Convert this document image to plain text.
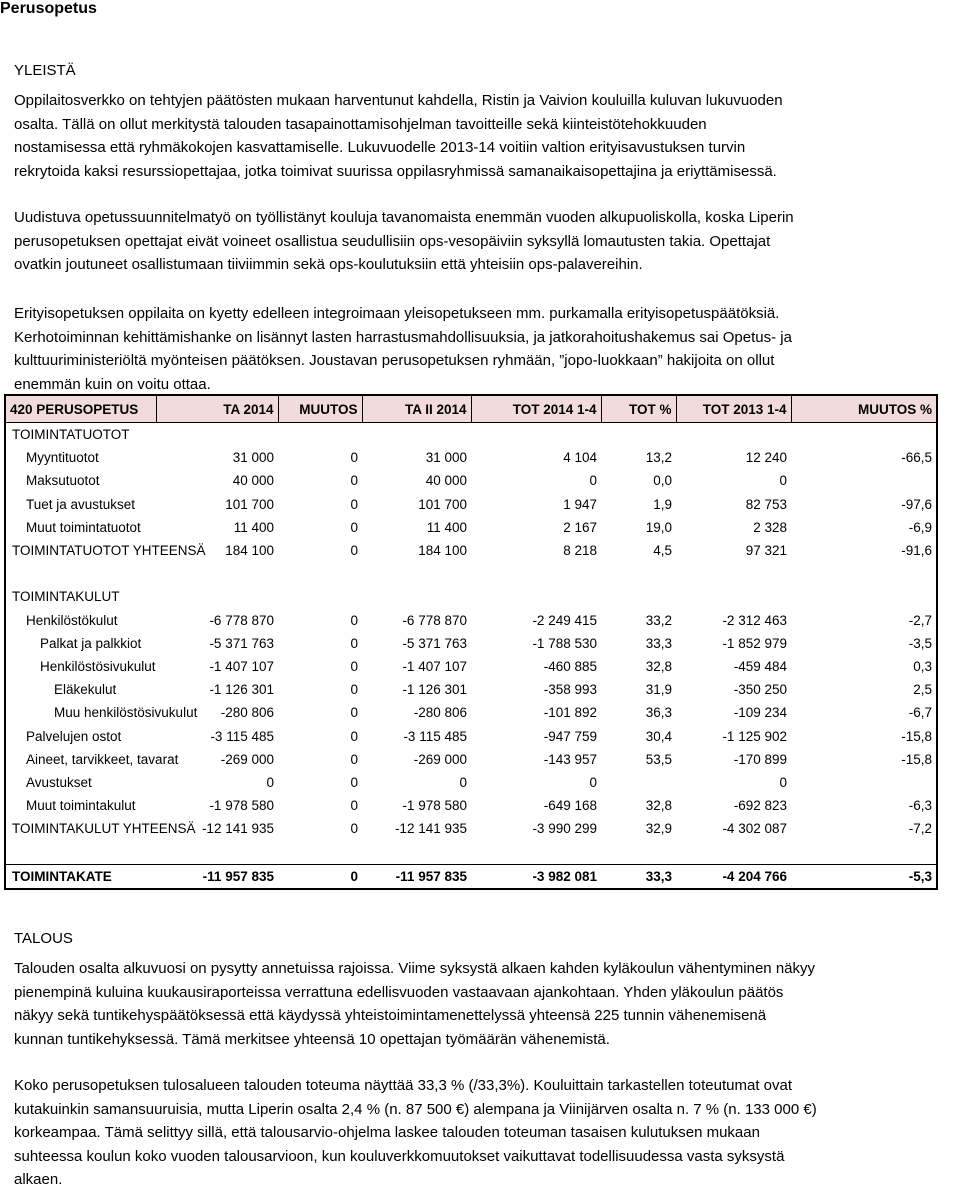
Perusopetus
YLEISTÄ
Oppilaitosverkko on tehtyjen päätösten mukaan harventunut kahdella, Ristin ja Vaivion kouluilla kuluvan lukuvuoden
osalta. Tällä on ollut merkitystä talouden tasapainottamisohjelman tavoitteille sekä kiinteistötehokkuuden
nostamisessa että ryhmäkokojen kasvattamiselle. Lukuvuodelle 2013-14 voitiin valtion erityisavustuksen turvin
rekrytoida kaksi resurssiopettajaa, jotka toimivat suurissa oppilasryhmissä samanaikaisopettajina ja eriyttämisessä.
Uudistuva opetussuunnitelmatyö on työllistänyt kouluja tavanomaista enemmän vuoden alkupuoliskolla, koska Liperin
perusopetuksen opettajat eivät voineet osallistua seudullisiin ops-vesopäiviin syksyllä lomautusten takia. Opettajat
ovatkin joutuneet osallistumaan tiiviimmin sekä ops-koulutuksiin että yhteisiin ops-palavereihin.
Erityisopetuksen oppilaita on kyetty edelleen integroimaan yleisopetukseen mm. purkamalla erityisopetuspäätöksiä.
Kerhotoiminnan kehittämishanke on lisännyt lasten harrastusmahdollisuuksia, ja jatkorahoitushakemus sai Opetus- ja
kulttuuriministeriöltä myönteisen päätöksen. Joustavan perusopetuksen ryhmään, ”jopo-luokkaan” hakijoita on ollut
enemmän kuin on voitu ottaa.
420 PERUSOPETUS	TA 2014	MUUTOS	TA II 2014	TOT 2014 1-4	TOT %	TOT 2013 1-4	MUUTOS %
TOIMINTATUOTOT							
Myyntituotot	31 000	0	31 000	4 104	13,2	12 240	-66,5
Maksutuotot	40 000	0	40 000	0	0,0	0	
Tuet ja avustukset	101 700	0	101 700	1 947	1,9	82 753	-97,6
Muut toimintatuotot	11 400	0	11 400	2 167	19,0	2 328	-6,9
TOIMINTATUOTOT YHTEENSÄ	184 100	0	184 100	8 218	4,5	97 321	-91,6

TOIMINTAKULUT							
Henkilöstökulut	-6 778 870	0	-6 778 870	-2 249 415	33,2	-2 312 463	-2,7
Palkat ja palkkiot	-5 371 763	0	-5 371 763	-1 788 530	33,3	-1 852 979	-3,5
Henkilöstösivukulut	-1 407 107	0	-1 407 107	-460 885	32,8	-459 484	0,3
Eläkekulut	-1 126 301	0	-1 126 301	-358 993	31,9	-350 250	2,5
Muu henkilöstösivukulut	-280 806	0	-280 806	-101 892	36,3	-109 234	-6,7
Palvelujen ostot	-3 115 485	0	-3 115 485	-947 759	30,4	-1 125 902	-15,8
Aineet, tarvikkeet, tavarat	-269 000	0	-269 000	-143 957	53,5	-170 899	-15,8
Avustukset	0	0	0	0		0	
Muut toimintakulut	-1 978 580	0	-1 978 580	-649 168	32,8	-692 823	-6,3
TOIMINTAKULUT YHTEENSÄ	-12 141 935	0	-12 141 935	-3 990 299	32,9	-4 302 087	-7,2

TOIMINTAKATE	-11 957 835	0	-11 957 835	-3 982 081	33,3	-4 204 766	-5,3
TALOUS
Talouden osalta alkuvuosi on pysytty annetuissa rajoissa. Viime syksystä alkaen kahden kyläkoulun vähentyminen näkyy
pienempinä kuluina kuukausiraporteissa verrattuna edellisvuoden vastaavaan ajankohtaan. Yhden yläkoulun päätös
näkyy sekä tuntikehyspäätöksessä että käydyssä yhteistoimintamenettelyssä yhteensä 225 tunnin vähenemisenä
kunnan tuntikehyksessä. Tämä merkitsee yhteensä 10 opettajan työmäärän vähenemistä.
Koko perusopetuksen tulosalueen talouden toteuma näyttää 33,3 % (/33,3%). Kouluittain tarkastellen toteutumat ovat
kutakuinkin samansuuruisia, mutta Liperin osalta 2,4 % (n. 87 500 €) alempana ja Viinijärven osalta n. 7 % (n. 133 000 €)
korkeampaa. Tämä selittyy sillä, että talousarvio-ohjelma laskee talouden toteuman tasaisen kulutuksen mukaan
suhteessa koulun koko vuoden talousarvioon, kun kouluverkkomuutokset vaikuttavat todellisuudessa vasta syksystä
alkaen.
